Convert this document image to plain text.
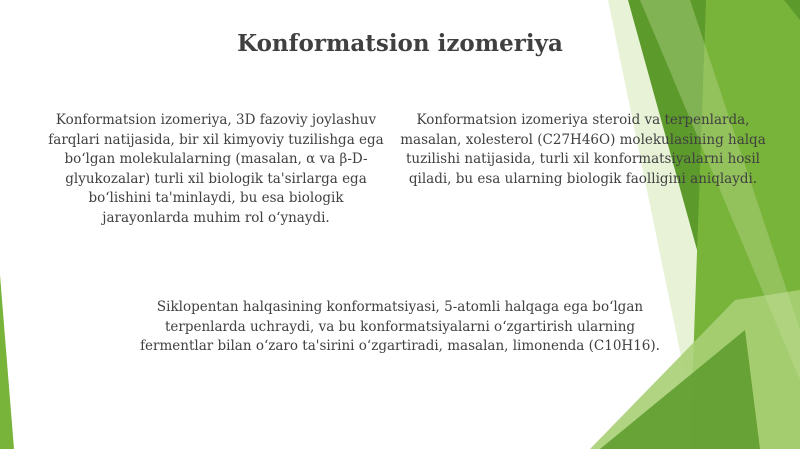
Konformatsion izomeriya

Konformatsion izomeriya, 3D fazoviy joylashuv farqlari natijasida, bir xil kimyoviy tuzilishga ega boʻlgan molekulalarning (masalan, α va β-D-glyukozalar) turli xil biologik ta'sirlarga ega boʻlishini ta'minlaydi, bu esa biologik jarayonlarda muhim rol oʻynaydi.

Konformatsion izomeriya steroid va terpenlarda, masalan, xolesterol (C27H46O) molekulasining halqa tuzilishi natijasida, turli xil konformatsiyalarni hosil qiladi, bu esa ularning biologik faolligini aniqlaydi.

Siklopentan halqasining konformatsiyasi, 5-atomli halqaga ega boʻlgan terpenlarda uchraydi, va bu konformatsiyalarni oʻzgartirish ularning fermentlar bilan oʻzaro ta'sirini oʻzgartiradi, masalan, limonenda (C10H16).
